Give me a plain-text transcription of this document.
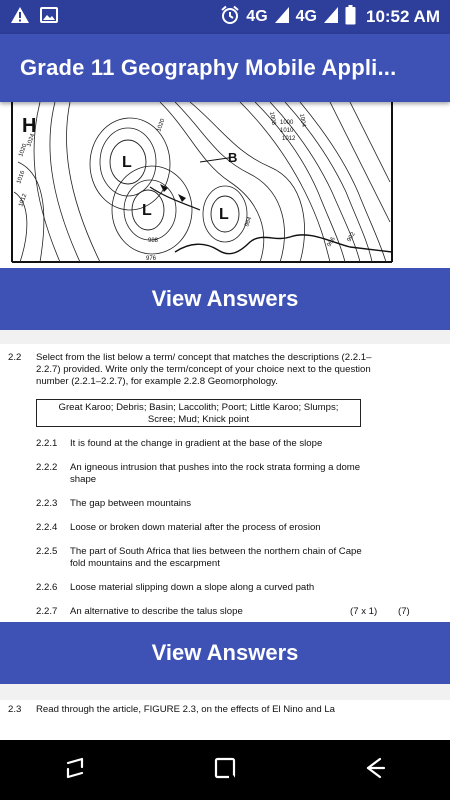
4G 4G	10:52 AM
Grade 11 Geography Mobile Appli...
H
L
L	L
B
1020
1016
1012
1024
1008	1004
1000
1010
1012
984
988	996 992
976
1020
View Answers
2.2 Select from the list below a term/ concept that matches the descriptions (2.2.1–2.2.7) provided. Write only the term/concept of your choice next to the question number (2.2.1–2.2.7), for example 2.2.8 Geomorphology.
Great Karoo; Debris; Basin; Laccolith; Poort; Little Karoo; Slumps;
Scree; Mud; Knick point
2.2.1	It is found at the change in gradient at the base of the slope
2.2.2	An igneous intrusion that pushes into the rock strata forming a dome shape
2.2.3	The gap between mountains
2.2.4	Loose or broken down material after the process of erosion
2.2.5	The part of South Africa that lies between the northern chain of Cape fold mountains and the escarpment
2.2.6	Loose material slipping down a slope along a curved path
2.2.7	An alternative to describe the talus slope	(7 x 1) (7)
View Answers
2.3 Read through the article, FIGURE 2.3, on the effects of El Nino and La
